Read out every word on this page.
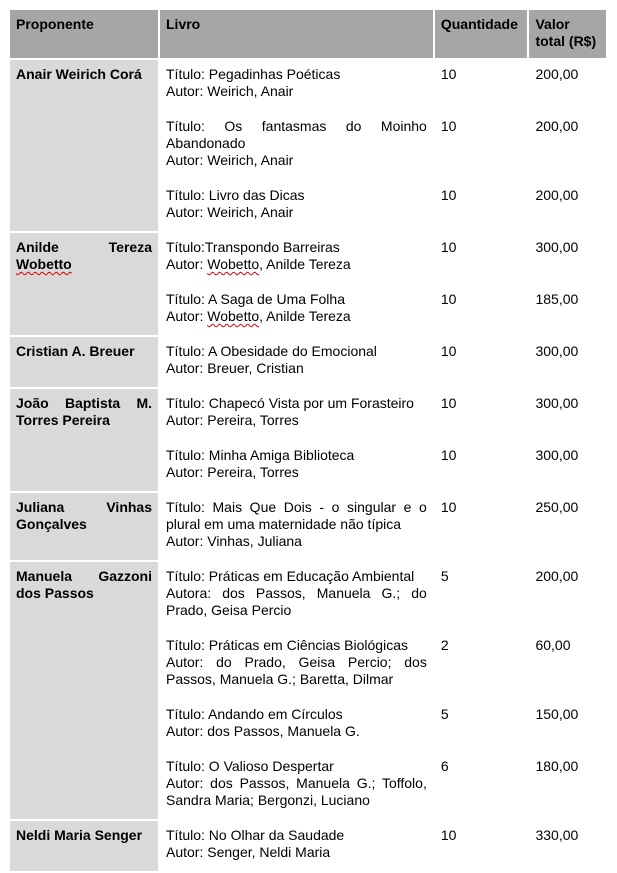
Proponente	Livro	Quantidade	Valor total (R$)
Anair Weirich Corá	Título: Pegadinhas Poéticas
Autor: Weirich, Anair	10	200,00

	Título: Os fantasmas do Moinho Abandonado
Autor: Weirich, Anair	10	200,00

	Título: Livro das Dicas
Autor: Weirich, Anair	10	200,00

Anilde Tereza
Wobetto	Título:Transpondo Barreiras
Autor: Wobetto, Anilde Tereza	10	300,00

	Título: A Saga de Uma Folha
Autor: Wobetto, Anilde Tereza	10	185,00
Cristian A. Breuer	Título: A Obesidade do Emocional
Autor: Breuer, Cristian	10	300,00
João Baptista M. Torres Pereira	Título: Chapecó Vista por um Forasteiro
Autor: Pereira, Torres	10	300,00

	Título: Minha Amiga Biblioteca
Autor: Pereira, Torres	10	300,00
Juliana Vinhas Gonçalves	Título: Mais Que Dois - o singular e o plural em uma maternidade não típica
Autor: Vinhas, Juliana	10	250,00
Manuela Gazzoni dos Passos	Título: Práticas em Educação Ambiental
Autora: dos Passos, Manuela G.; do Prado, Geisa Percio	5	200,00

	Título: Práticas em Ciências Biológicas
Autor: do Prado, Geisa Percio; dos Passos, Manuela G.; Baretta, Dilmar	2	60,00

	Título: Andando em Círculos
Autor: dos Passos, Manuela G.	5	150,00

	Título: O Valioso Despertar
Autor: dos Passos, Manuela G.; Toffolo, Sandra Maria; Bergonzi, Luciano	6	180,00
Neldi Maria Senger	Título: No Olhar da Saudade
Autor: Senger, Neldi Maria	10	330,00
